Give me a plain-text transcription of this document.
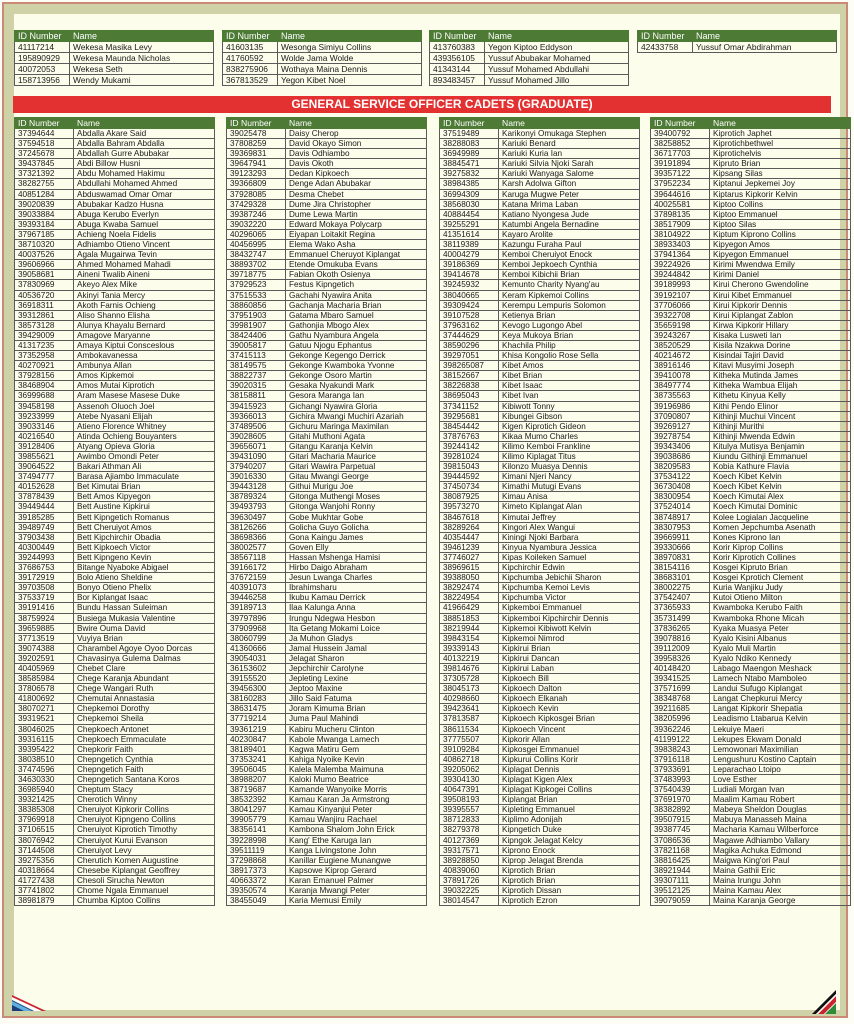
ID Number	Name
41117214	Wekesa Masika Levy
195890929	Wekesa Maunda Nicholas
40072053	Wekesa Seth
158713956	Wendy Mukami
ID Number	Name
41603135	Wesonga Simiyu Collins
41760592	Wolde Jama Wolde
838275906	Wothaya Maina Dennis
367813529	Yegon Kibet Noel
ID Number	Name
413760383	Yegon Kiptoo Eddyson
439356105	Yussuf Abubakar Mohamed
41343144	Yussuf Mohamed Abdullahi
893483457	Yussuf Mohamed Jillo
ID Number	Name
42433758	Yussuf Omar Abdirahman
GENERAL SERVICE OFFICER CADETS (GRADUATE)
ID Number	Name
37394644	Abdalla Akare Said
37594518	Abdalla Bahram Abdalla
37245678	Abdallah Gurre Abubakar
39437845	Abdi Billow Husni
37321392	Abdu Mohamed Hakimu
38282755	Abdullahi Mohamed Ahmed
40851284	Abduswamad Omar Omar
39020839	Abubakar Kadzo Husna
39033884	Abuga Kerubo Everlyn
39393184	Abuga Kwaba Samuel
37967185	Achieng Noela Fidelis
38710320	Adhiambo Otieno Vincent
40037526	Agala Mugairwa Tevin
39606966	Ahmed Mohamed Mahadi
39058681	Aineni Twalib Aineni
37830969	Akeyo Alex Mike
40536720	Akinyi Tania Mercy
36918311	Akoth Farnis Ochieng
39312861	Aliso Shanno Elisha
38573128	Alunya Khayalu Bernard
39429009	Amagove Maryanne
41317235	Amaya Kiptui Consceslous
37352958	Ambokavanessa
40270921	Ambunya Allan
37928156	Amos Kipkemoi
38468904	Amos Mutai Kiprotich
36999688	Aram Masese Masese Duke
39458198	Assenoh Oluoch Joel
39233999	Atebe Nyasani Elijah
39033146	Atieno Florence Whitney
40216540	Atinda Ochieng Bouyanters
39128406	Atyang Opieva Gloria
39855621	Awimbo Omondi Peter
39064522	Bakari Athman Ali
37494777	Barasa Ajiambo Immaculate
40152628	Bet Kimutai Brian
37878439	Bett Amos Kipyegon
39449444	Bett Austine Kipkirui
39185285	Bett Kipngetich Romanus
39489749	Bett Cheruiyot Amos
37903438	Bett Kipchirchir Obadia
40300449	Bett Kipkoech Victor
39244993	Bett Kipngeno Kevin
37686753	Bitange Nyaboke Abigael
39172919	Bolo Atieno Sheldine
39703508	Bonyo Otieno Phelix
37533719	Bor Kiplangat Isaac
39191416	Bundu Hassan Suleiman
38759924	Busiega Mukasia Valentine
39659885	Bwire Ouma David
37713519	Vuyiya Brian
39074388	Charambel Agoye Oyoo Dorcas
39202591	Chavasinya Gulema Dalmas
40405969	Chebet Clare
38585984	Chege Karanja Abundant
37806578	Chege Wangari Ruth
41800692	Chemutai Annastasia
38070271	Chepkemoi Dorothy
39319521	Chepkemoi Sheila
38046025	Chepkoech Antonet
39316115	Chepkoech Emmaculate
39395422	Chepkorir Faith
38038510	Chepngetich Cynthia
37474596	Chepngetich Faith
34630330	Chepngetich Santana Koros
36985940	Cheptum Stacy
39321425	Cherotich Winny
38385308	Cheruiyot Kipkorir Collins
37969918	Cheruiyot Kipngeno Collins
37106515	Cheruiyot Kiprotich Timothy
38076942	Cheruiyot Kurui Evanson
37144508	Cheruiyot Levy
39275356	Cherutich Komen Augustine
40318664	Chesebe Kiplangat Geoffrey
41727438	Chesoli Sirucha Newton
37741802	Chome Ngala Emmanuel
38981879	Chumba Kiptoo Collins
ID Number	Name
39025478	Daisy Cherop
37808259	David Okayo Simon
39369831	Davis Odhiambo
39647941	Davis Okoth
39123293	Dedan Kipkoech
39366809	Denge Adan Abubakar
37928085	Desma Chebet
37429328	Dume Jira Christopher
39387246	Dume Lewa Martin
39032220	Edward Mokaya Polycarp
40296065	Eiyapan Loitakit Regina
40456995	Elema Wako Asha
38432747	Emmanuel Cheruyot Kiplangat
38893702	Etende Omukuba Evans
39718775	Fabian Okoth Osienya
37929523	Festus Kipngetich
37515533	Gachahi Nyawira Anita
38860856	Gachanja Macharia Brian
37951903	Gatama Mbaro Samuel
39981907	Gathonjia Mbogo Alex
38424406	Gathu Nyambura Angela
39005817	Gatuu Njogu Ephantus
37415113	Gekonge Kegengo Derrick
38149575	Gekonge Kwamboka Yvonne
38822737	Gekonge Osoro Martin
39020315	Gesaka Nyakundi Mark
38158811	Gesora Maranga Ian
39415923	Gichangi Nyawira Gloria
39366013	Gichira Mwangi Muchiri Azariah
37489506	Gichuru Maringa Maximilan
39028605	Gitahi Muthoni Agata
39656071	Gitangu Karanja Kelvin
39431090	Gitari Macharia Maurice
37940207	Gitari Wawira Parpetual
39016330	Gitau Mwangi George
39443128	Githui Murigu Joe
38789324	Gitonga Muthengi Moses
39493793	Gitonga Wanjohi Ronny
39630497	Gobe Mukhtar Gobe
38126266	Golicha Guyo Golicha
38698366	Gona Kaingu James
38002577	Goven Elly
38567118	Hassan Mshenga Hamisi
39166172	Hirbo Daigo Abraham
37672159	Jesun Lwanga Charles
40391073	Ibrahimsharu
39446258	Ikubu Kamau Derrick
39189713	Ilaa Kalunga Anna
39797896	Irungu Ndegwa Hesbon
37909968	Ita Getang Mokami Loice
38060799	Ja Muhon Gladys
41360666	Jamal Hussein Jamal
39054031	Jelagat Sharon
36153602	Jepchirchir Carolyne
39155520	Jepleting Lexine
39456300	Jeptoo Maxine
38160283	Jillo Said Fatuma
38631475	Joram Kimuma Brian
37719214	Juma Paul Mahindi
39361219	Kabiru Mucheru Clinton
40230847	Kabole Mwanga Lamech
38189401	Kagwa Matiru Gem
37353241	Kahiga Nyoike Kevin
39506045	Kalela Malemba Maimuna
38988207	Kaloki Mumo Beatrice
38719687	Kamande Wanyoike Morris
38532392	Kamau Karan Ja Armstrong
38041297	Kamau Kinyanjui Peter
39905779	Kamau Wanjiru Rachael
38356141	Kambona Shalom John Erick
39228998	Kang' Ethe Karuga Ian
39511119	Kanga Livingstone John
37298868	Kanillar Eugiene Munangwe
38917373	Kapsowe Kiprop Gerard
40663372	Karan Emanuel Palmer
39350574	Karanja Mwangi Peter
38455049	Karia Memusi Emily
ID Number	Name
37519489	Karikonyi Omukaga Stephen
38288083	Kariuki Benard
36949989	Kariuki Kuria Ian
38845471	Kariuki Silvia Njoki Sarah
39275832	Kariuki Wanyaga Salome
38984385	Karsh Adolwa Gifton
36994309	Karuga Mugwe Peter
38568030	Katana Mrima Laban
40884454	Katiano Nyongesa Jude
39255291	Katumbi Angela Bernadine
41351614	Kayaro Arolite
38119389	Kazungu Furaha Paul
40004279	Kemboi Cheruiyot Enock
39186369	Kemboi Jepkoech Cynthia
39414678	Kemboi Kibichii Brian
39245932	Kemunto Charity Nyang'au
38040665	Keram Kipkemoi Collins
39309424	Kerempu Lempuris Solomon
39107528	Ketienya Brian
37963162	Kevogo Lugongo Abel
37444629	Keya Mukoya Brian
38590296	Khachila Philip
39297051	Khisa Kongolio Rose Sella
398265087	Kibet Amos
38152667	Kibet Brian
38226838	Kibet Isaac
38695043	Kibet Ivan
37341152	Kibiwott Tonny
39295681	Kibungei Gibson
38454442	Kigen Kiprotich Gideon
37876763	Kikaa Mumo Charles
39244142	Kilimo Kemboi Frankline
39281024	Kilimo Kiplagat Titus
39815043	Kilonzo Muasya Dennis
39444592	Kimani Njeri Nancy
37450734	Kimathi Mutugi Evans
38087925	Kimau Anisa
39573270	Kimeto Kiplangat Alan
38467618	Kimutai Jeffrey
38289264	Kingori Alex Wangui
40354447	Kiningi Njoki Barbara
39461239	Kinyua Nyambura Jessica
37746027	Kipas Koileken Samuel
38969615	Kipchirchir Edwin
39388050	Kipchumba Jebichii Sharon
38292474	Kipchumba Kemoi Levis
38224954	Kipchumba Victor
41966429	Kipkemboi Emmanuel
38851853	Kipkemboi Kipchirchir Dennis
38219944	Kipkemoi Kibiwott Kelvin
39843154	Kipkemoi Nimrod
39339143	Kipkirui Brian
40132219	Kipkirui Dancan
39814676	Kipkirui Laban
37305728	Kipkoech Bill
38045173	Kipkoech Dalton
40298660	Kipkoech Elkanah
39423641	Kipkoech Kevin
37813587	Kipkoech Kipkosgei Brian
38611534	Kipkoech Vincent
37775507	Kipkorir Allan
39109284	Kipkosgei Emmanuel
40862718	Kipkurui Collins Korir
39205062	Kiplagat Dennis
39304130	Kiplagat Kigen Alex
40647391	Kiplagat Kipkogei Collins
39508193	Kiplangat Brian
39395557	Kipleting Emmanuel
38712833	Kiplimo Adonijah
38279378	Kipngetich Duke
40127369	Kipngok Jelagat Kelcy
39317571	Kiprono Enock
38928850	Kiprop Jelagat Brenda
40839060	Kiprotich Brian
37891726	Kiprotich Brian
39032225	Kiprotich Dissan
38014547	Kiprotich Ezron
ID Number	Name
39400792	Kiprotich Japhet
38258852	Kiprotichbethwel
36717703	Kiprotichelvis
39191894	Kipruto Brian
39357122	Kipsang Silas
37952234	Kiptanui Jepkemei Joy
39644616	Kiptarus Kipkorir Kelvin
40025581	Kiptoo Collins
37898135	Kiptoo Emmanuel
38517909	Kiptoo Silas
38104922	Kiptum Kiprono Collins
38933403	Kipyegon Amos
37941364	Kipyegon Emmanuel
39224926	Kirimi Mwendwa Emily
39244842	Kirimi Daniel
39189993	Kirui Cherono Gwendoline
39192107	Kirui Kibet Emmanuel
37706066	Kirui Kipkorir Dennis
39322708	Kirui Kiplangat Zablon
35659198	Kirwa Kipkorir Hillary
39243267	Kisaka Lusweti Ian
38520529	Kisila Nzakwa Dorine
40214672	Kisindai Tajiri David
38916146	Kitavi Musyimi Joseph
39410078	Kitheka Mutinda James
38497774	Kitheka Wambua Elijah
38735563	Kithetu Kinyua Kelly
39196986	Kithi Pendo Elinor
37090807	Kithinji Muchui Vincent
39269127	Kithinji Murithi
39278754	Kithinji Mwenda Edwin
39343406	Kitulya Mutisya Benjamin
39038686	Kiundu Githinji Emmanuel
38209583	Kobia Kathure Flavia
37534122	Koech Kibet Kelvin
36730408	Koech Kibet Kelvin
38300954	Koech Kimutai Alex
37524014	Koech Kimutai Dominic
38748917	Kolee Logialan Jacqueline
38307953	Komen Jepchumba Asenath
39669911	Kones Kiprono Ian
39330666	Korir Kiprop Collins
38970831	Korir Kiprotich Collines
38154116	Kosgei Kipruto Brian
38683101	Kosgei Kprotich Clement
38002275	Kuria Wanjiku Judy
37542407	Kutoi Otieno Milton
37365933	Kwamboka Kerubo Faith
35731499	Kwamboka Rhone Micah
37836265	Kyaka Muasya Peter
39078816	Kyalo Kisini Albanus
39112009	Kyalo Muli Martin
39958326	Kyalo Ndiko Kennedy
40148420	Labago Maengon Meshack
39341525	Lamech Ntabo Mamboleo
37571699	Landui Sufugo Kiplangat
38348768	Langat Chepkurui Mercy
39211685	Langat Kipkorir Shepatia
38205996	Leadismo Ltabarua Kelvin
39362246	Lekuiye Maeri
41199122	Lekupes Ekwam Donald
39838243	Lemowonari Maximilian
37916118	Lengushuru Kostino Captain
37933691	Leparachao Ltoipo
37483993	Love Esther
37540439	Ludiali Morgan Ivan
37691970	Maalim Kamau Robert
38382892	Mabeya Sheldon Douglas
39507915	Mabuya Manasseh Maina
39387745	Macharia Kamau Wilberforce
37086536	Magawe Adhiambo Vallary
37821168	Magika Achuka Edmond
38816425	Maigwa King'ori Paul
38921944	Maina Gathii Eric
39307111	Maina Irungu John
39512125	Maina Kamau Alex
39079059	Maina Karanja George
